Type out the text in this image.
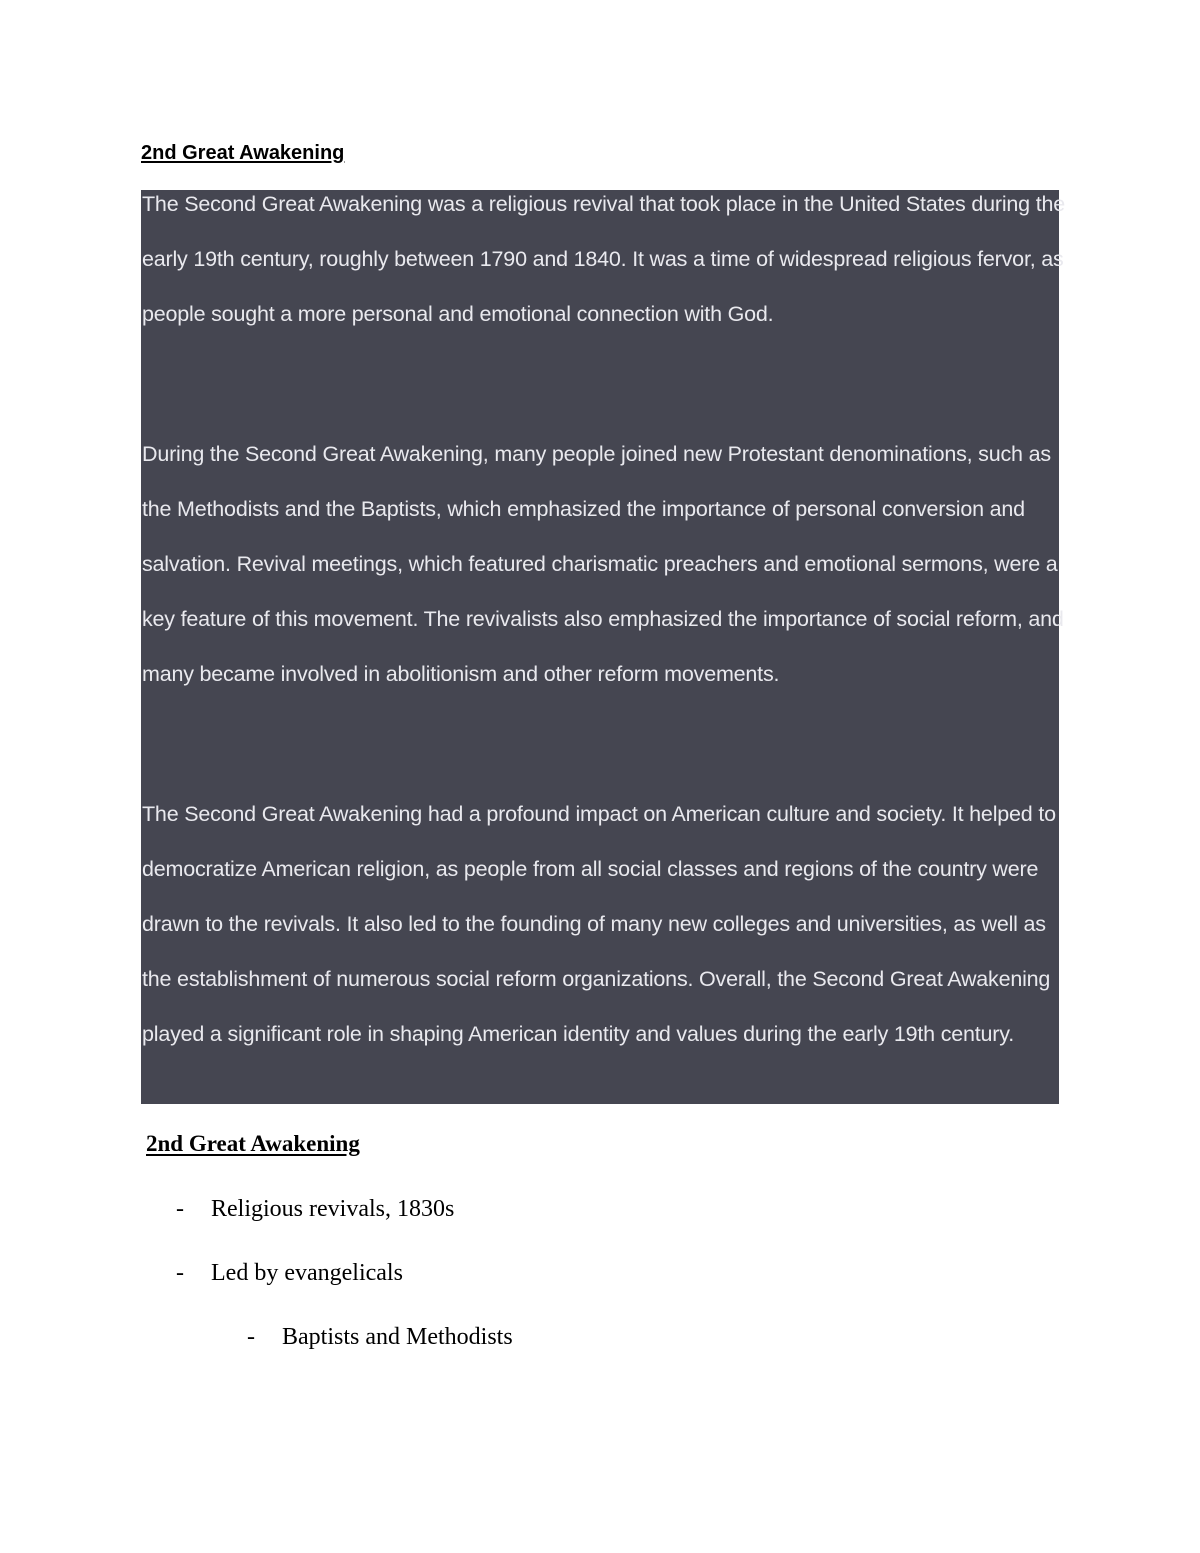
2nd Great Awakening

The Second Great Awakening was a religious revival that took place in the United States during the early 19th century, roughly between 1790 and 1840. It was a time of widespread religious fervor, as people sought a more personal and emotional connection with God.

During the Second Great Awakening, many people joined new Protestant denominations, such as the Methodists and the Baptists, which emphasized the importance of personal conversion and salvation. Revival meetings, which featured charismatic preachers and emotional sermons, were a key feature of this movement. The revivalists also emphasized the importance of social reform, and many became involved in abolitionism and other reform movements.

The Second Great Awakening had a profound impact on American culture and society. It helped to democratize American religion, as people from all social classes and regions of the country were drawn to the revivals. It also led to the founding of many new colleges and universities, as well as the establishment of numerous social reform organizations. Overall, the Second Great Awakening played a significant role in shaping American identity and values during the early 19th century.

2nd Great Awakening
- Religious revivals, 1830s
- Led by evangelicals
- Baptists and Methodists
